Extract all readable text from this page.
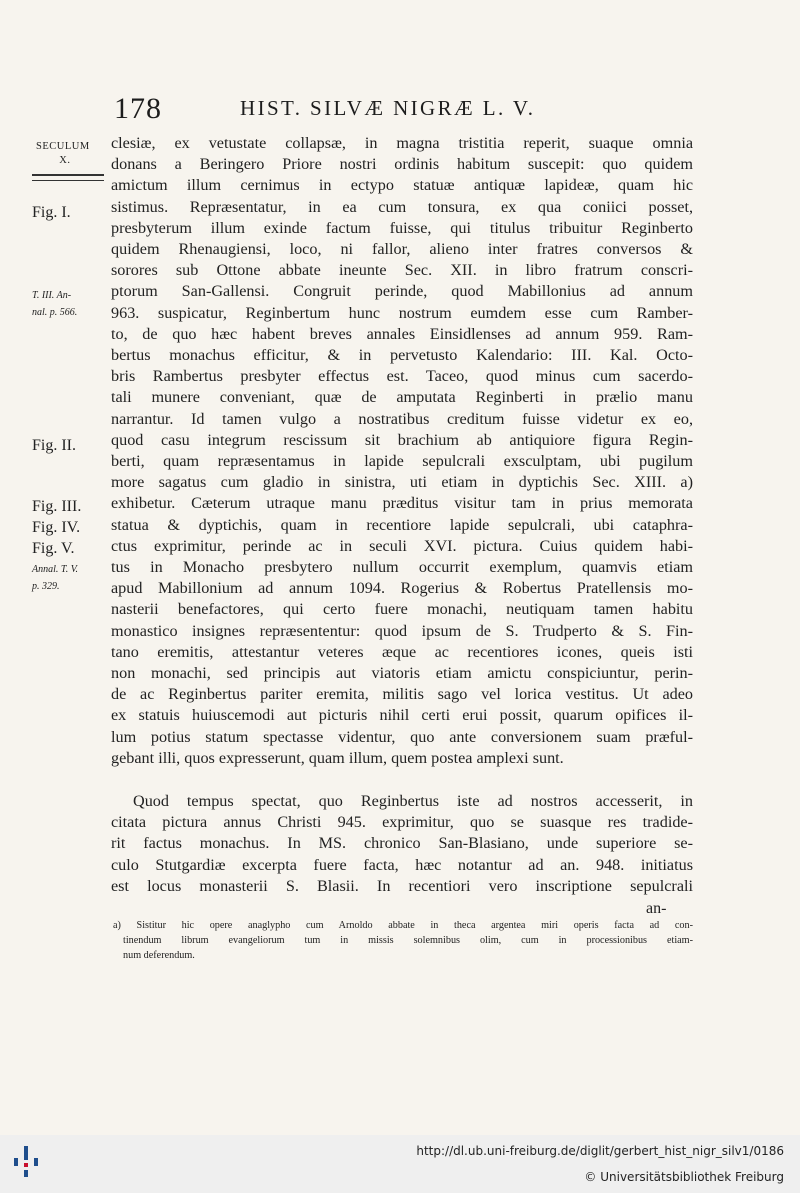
178	HIST. SILVÆ NIGRÆ L. V.
SECULUM
X.
Fig. I.
T. III. An-
nal. p. 566.
Fig. II.
Fig. III.
Fig. IV.
Fig. V.
Annal. T. V.
p. 329.
clesiæ, ex vetustate collapsæ, in magna tristitia reperit, suaque omnia
donans a Beringero Priore nostri ordinis habitum suscepit: quo quidem
amictum illum cernimus in ectypo statuæ antiquæ lapideæ, quam hic
sistimus. Repræsentatur, in ea cum tonsura, ex qua coniici posset,
presbyterum illum exinde factum fuisse, qui titulus tribuitur Reginberto
quidem Rhenaugiensi, loco, ni fallor, alieno inter fratres conversos &
sorores sub Ottone abbate ineunte Sec. XII. in libro fratrum conscri-
ptorum San-Gallensi. Congruit perinde, quod Mabillonius ad annum
963. suspicatur, Reginbertum hunc nostrum eumdem esse cum Ramber-
to, de quo hæc habent breves annales Einsidlenses ad annum 959. Ram-
bertus monachus efficitur, & in pervetusto Kalendario: III. Kal. Octo-
bris Rambertus presbyter effectus est. Taceo, quod minus cum sacerdo-
tali munere conveniant, quæ de amputata Reginberti in prælio manu
narrantur. Id tamen vulgo a nostratibus creditum fuisse videtur ex eo,
quod casu integrum rescissum sit brachium ab antiquiore figura Regin-
berti, quam repræsentamus in lapide sepulcrali exsculptam, ubi pugilum
more sagatus cum gladio in sinistra, uti etiam in dyptichis Sec. XIII. a)
exhibetur. Cæterum utraque manu præditus visitur tam in prius memorata
statua & dyptichis, quam in recentiore lapide sepulcrali, ubi cataphra-
ctus exprimitur, perinde ac in seculi XVI. pictura. Cuius quidem habi-
tus in Monacho presbytero nullum occurrit exemplum, quamvis etiam
apud Mabillonium ad annum 1094. Rogerius & Robertus Pratellensis mo-
nasterii benefactores, qui certo fuere monachi, neutiquam tamen habitu
monastico insignes repræsententur: quod ipsum de S. Trudperto & S. Fin-
tano eremitis, attestantur veteres æque ac recentiores icones, queis isti
non monachi, sed principis aut viatoris etiam amictu conspiciuntur, perin-
de ac Reginbertus pariter eremita, militis sago vel lorica vestitus. Ut adeo
ex statuis huiuscemodi aut picturis nihil certi erui possit, quarum opifices il-
lum potius statum spectasse videntur, quo ante conversionem suam præful-
gebant illi, quos expresserunt, quam illum, quem postea amplexi sunt.
Quod tempus spectat, quo Reginbertus iste ad nostros accesserit, in
citata pictura annus Christi 945. exprimitur, quo se suasque res tradide-
rit factus monachus. In MS. chronico San-Blasiano, unde superiore se-
culo Stutgardiæ excerpta fuere facta, hæc notantur ad an. 948. initiatus
est locus monasterii S. Blasii. In recentiori vero inscriptione sepulcrali
an-
a) Sistitur hic opere anaglypho cum Arnoldo abbate in theca argentea miri operis facta ad con-
tinendum librum evangeliorum tum in missis solemnibus olim, cum in processionibus etiam-
num deferendum.
http://dl.ub.uni-freiburg.de/diglit/gerbert_hist_nigr_silv1/0186
© Universitätsbibliothek Freiburg
